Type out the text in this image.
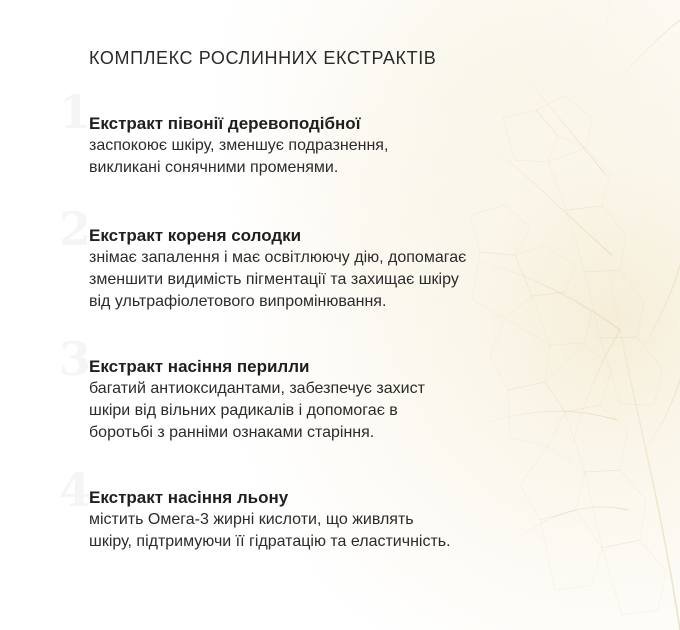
КОМПЛЕКС РОСЛИННИХ ЕКСТРАКТІВ
1
Екстракт півонії деревоподібної

заспокоює шкіру, зменшує подразнення,
викликані сонячними променями.

2
Екстракт кореня солодки

знімає запалення і має освітлюючу дію, допомагає
зменшити видимість пігментації та захищає шкіру
від ультрафіолетового випромінювання.

3
Екстракт насіння перилли

багатий антиоксидантами, забезпечує захист
шкіри від вільних радикалів і допомогає в
боротьбі з ранніми ознаками старіння.

4
Екстракт насіння льону

містить Омега-3 жирні кислоти, що живлять
шкіру, підтримуючи її гідратацію та еластичність.
